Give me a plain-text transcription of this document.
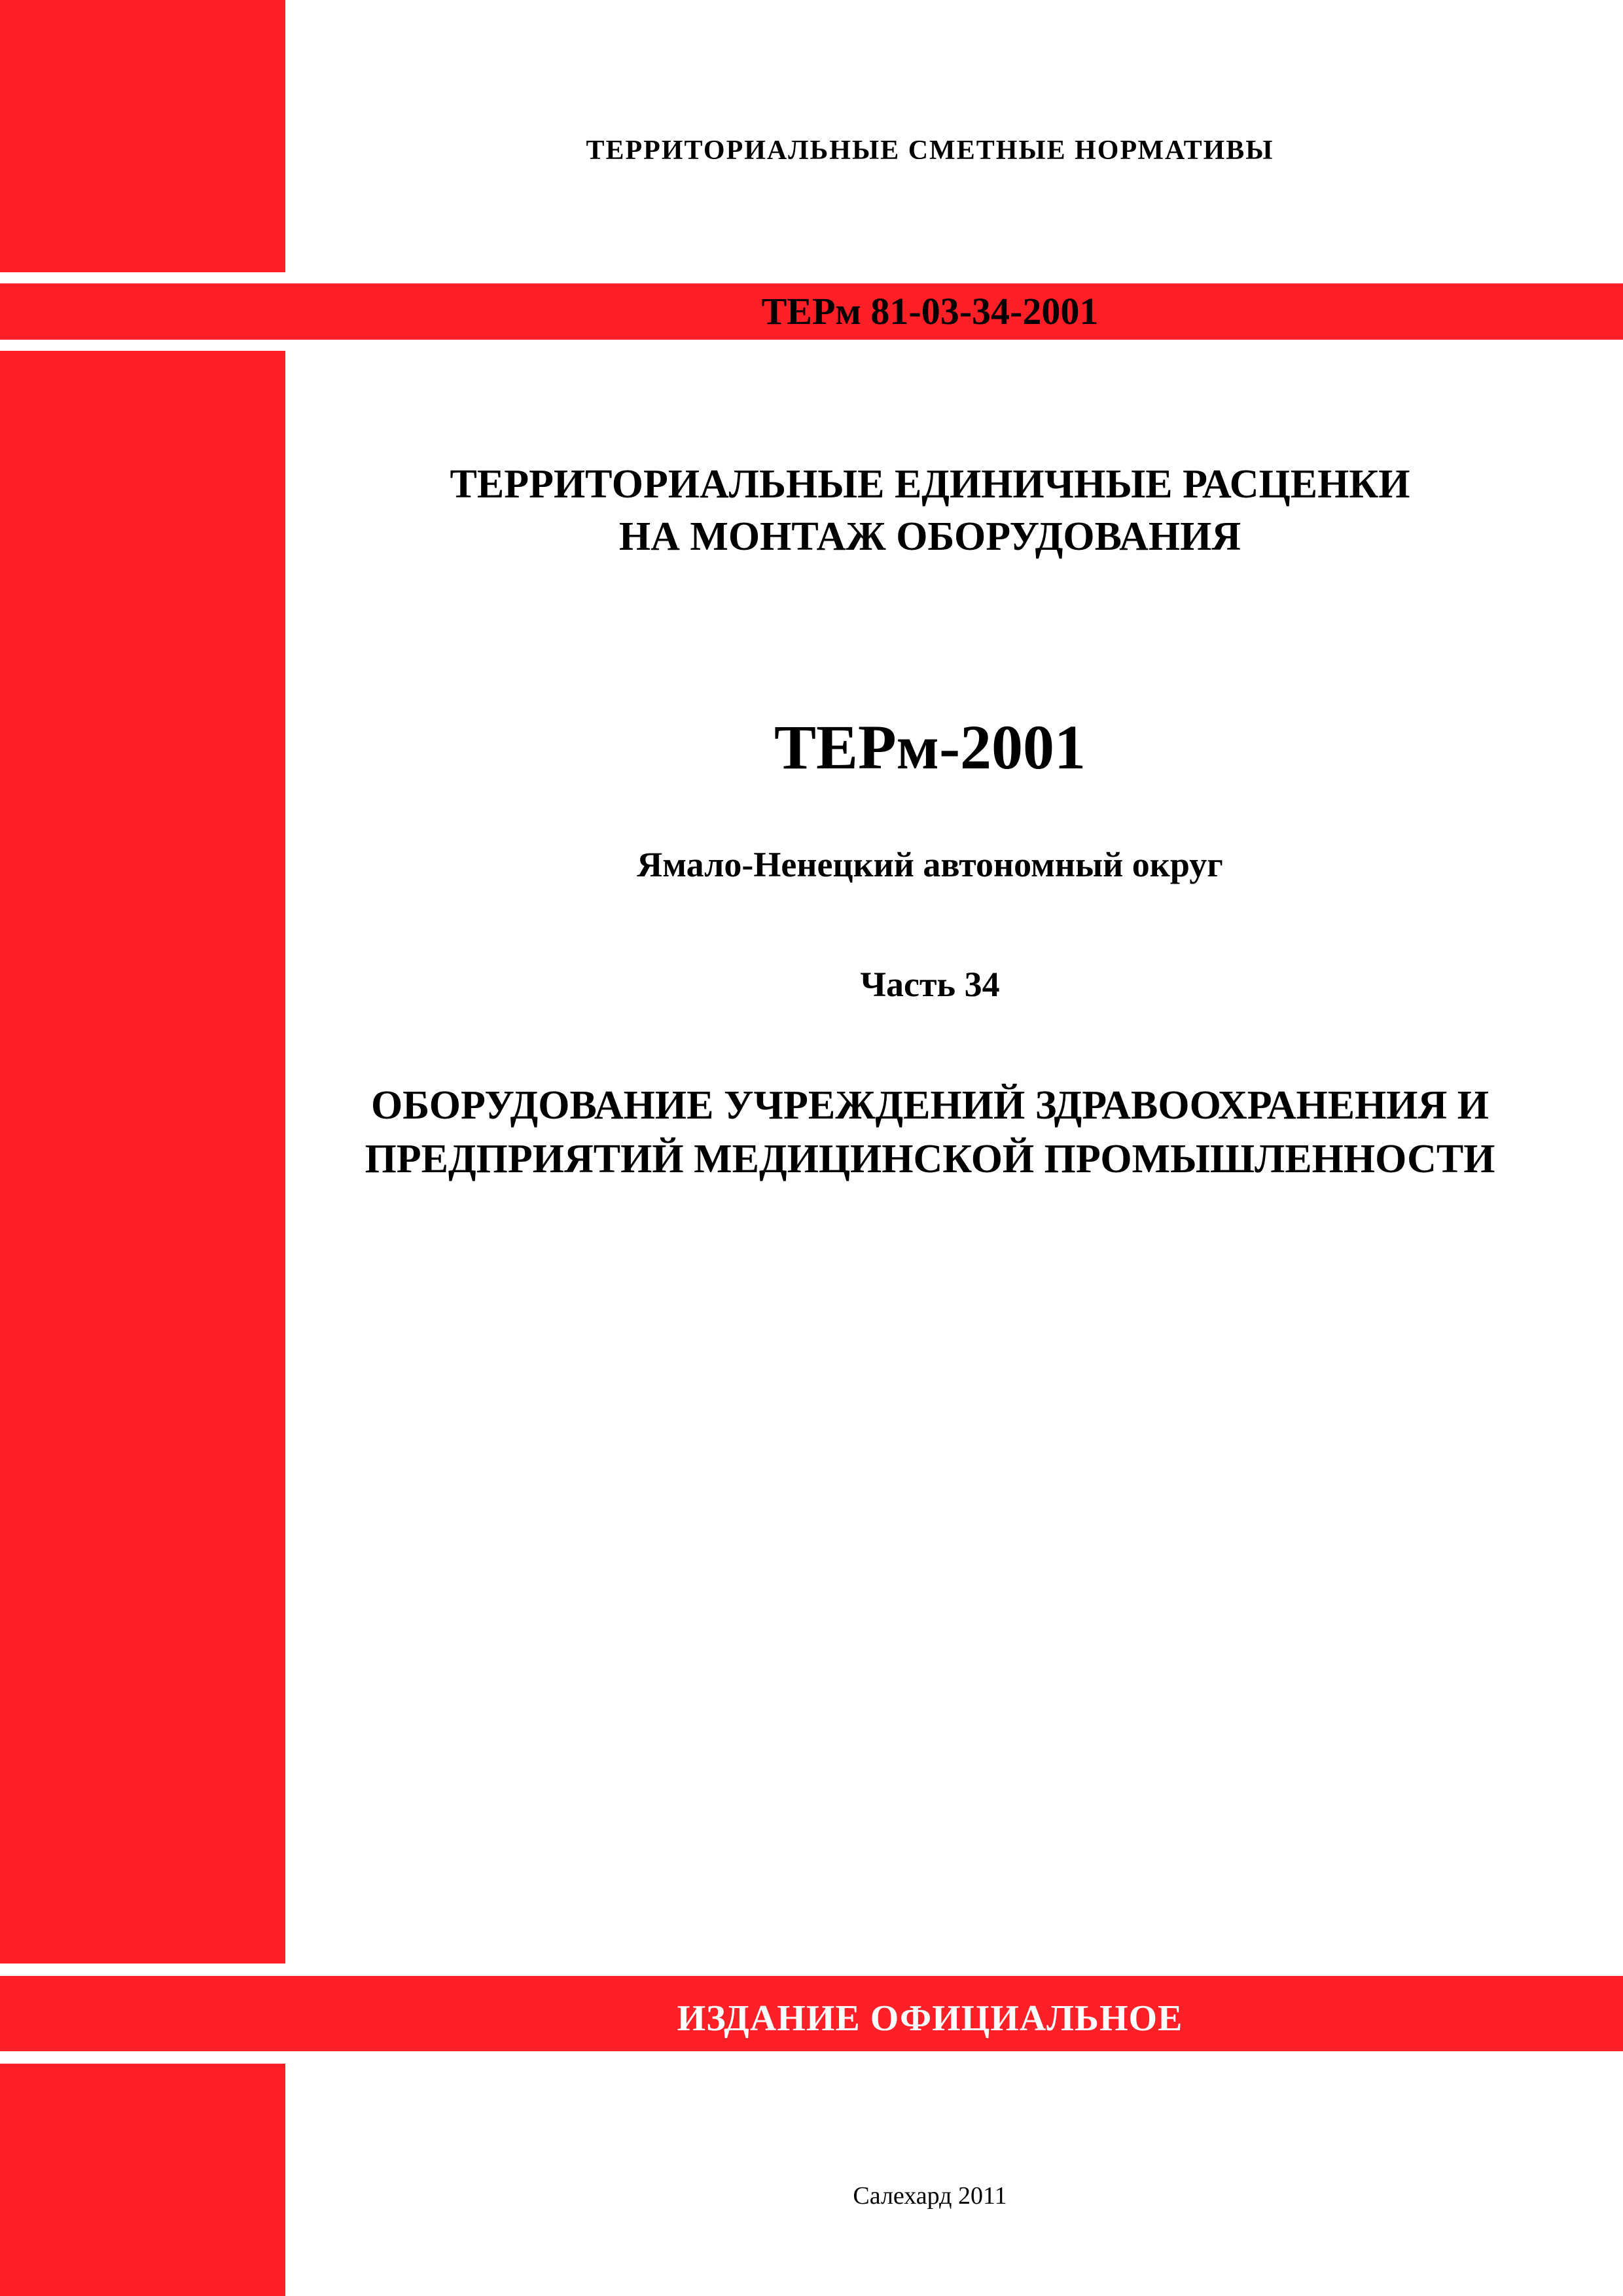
ТЕРРИТОРИАЛЬНЫЕ СМЕТНЫЕ НОРМАТИВЫ
ТЕРм 81-03-34-2001
ТЕРРИТОРИАЛЬНЫЕ ЕДИНИЧНЫЕ РАСЦЕНКИ
НА МОНТАЖ ОБОРУДОВАНИЯ
ТЕРм-2001
Ямало-Ненецкий автономный округ
Часть 34
ОБОРУДОВАНИЕ УЧРЕЖДЕНИЙ ЗДРАВООХРАНЕНИЯ И
ПРЕДПРИЯТИЙ МЕДИЦИНСКОЙ ПРОМЫШЛЕННОСТИ
ИЗДАНИЕ ОФИЦИАЛЬНОЕ
Салехард 2011
